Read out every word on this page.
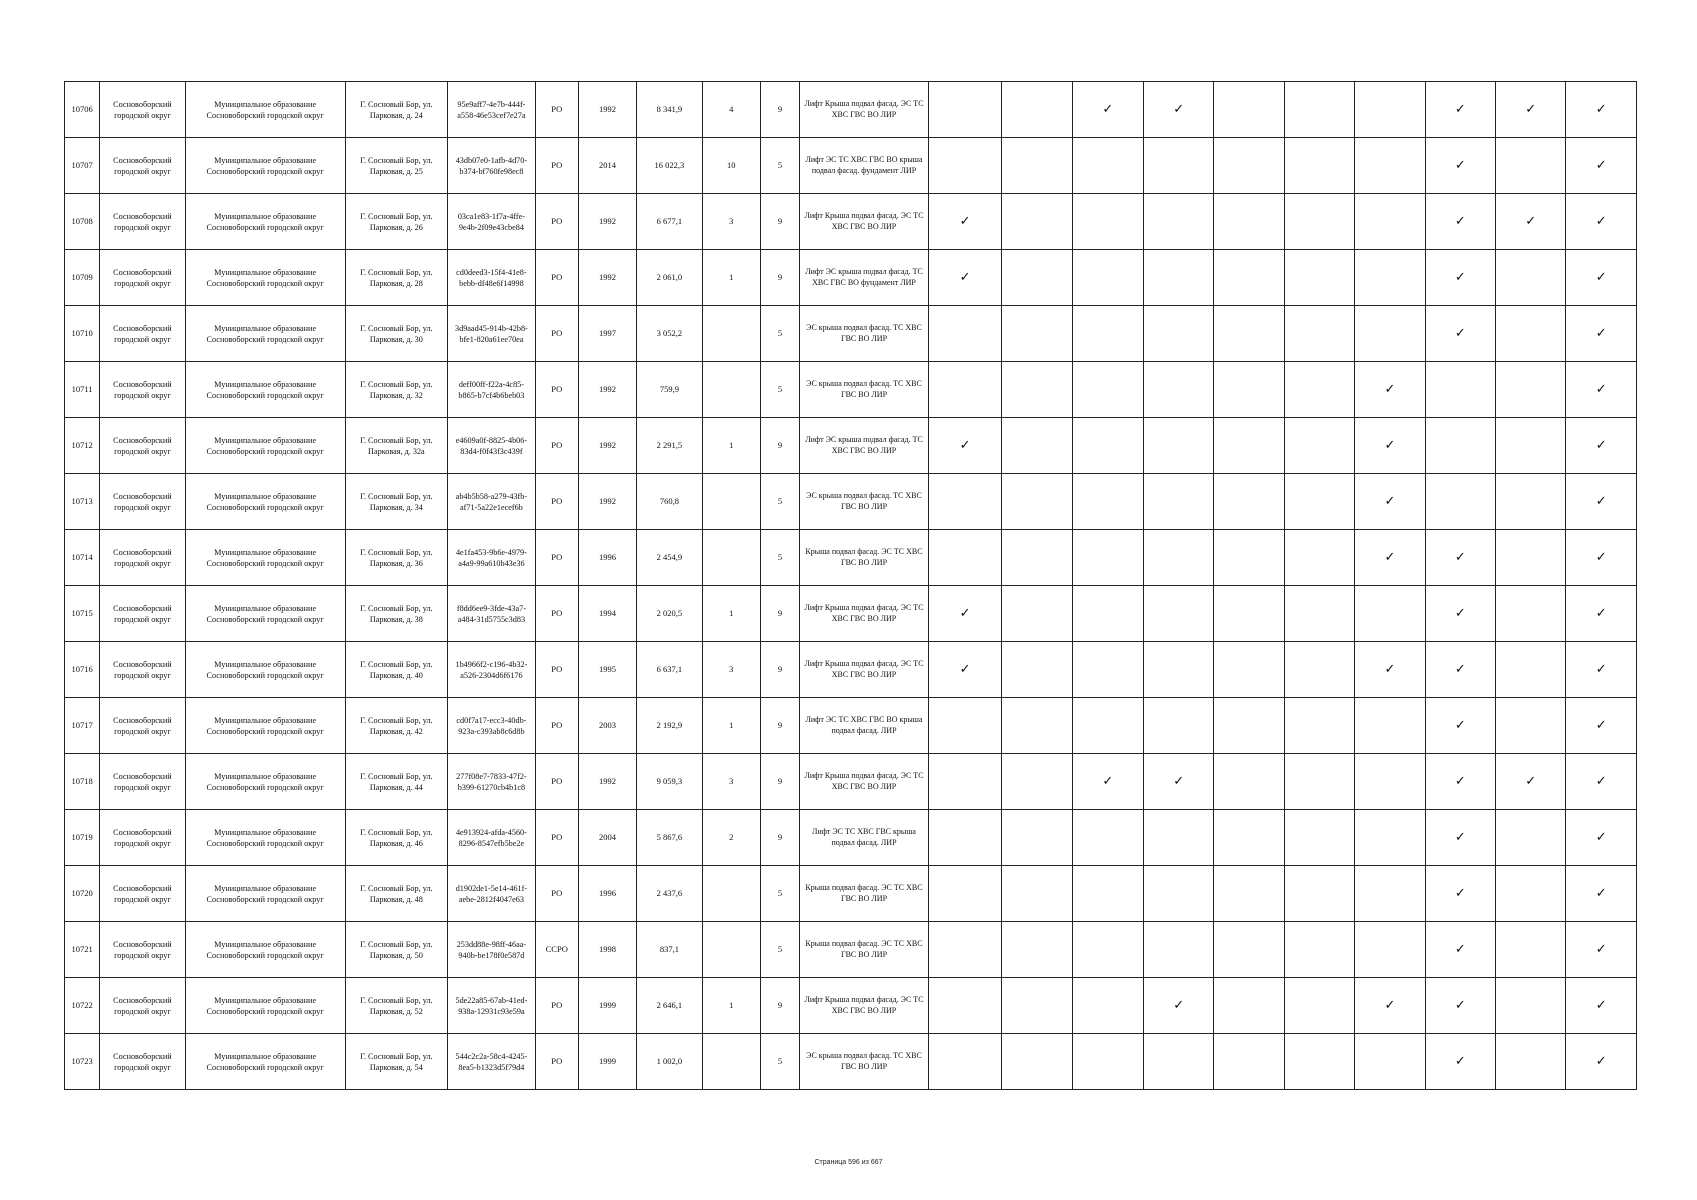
10706	Сосновоборский городской округ	Муниципальное образование Сосновоборский городской округ	Г. Сосновый Бор, ул. Парковая, д. 24	95e9aff7-4e7b-444f-a558-46e53cef7e27a	РО	1992	8 341,9	4	9	Лифт Крыша подвал фасад. ЭС ТС ХВС ГВС ВО ЛИР			✓	✓				✓	✓	✓
10707	Сосновоборский городской округ	Муниципальное образование Сосновоборский городской округ	Г. Сосновый Бор, ул. Парковая, д. 25	43db07e0-1afb-4d70-b374-bf760fe98ec8	РО	2014	16 022,3	10	5	Лифт ЭС ТС ХВС ГВС ВО крыша подвал фасад. фундамент ЛИР								✓		✓
10708	Сосновоборский городской округ	Муниципальное образование Сосновоборский городской округ	Г. Сосновый Бор, ул. Парковая, д. 26	03ca1e83-1f7a-4ffe-9e4b-2f09e43cbe84	РО	1992	6 677,1	3	9	Лифт Крыша подвал фасад. ЭС ТС ХВС ГВС ВО ЛИР	✓							✓	✓	✓
10709	Сосновоборский городской округ	Муниципальное образование Сосновоборский городской округ	Г. Сосновый Бор, ул. Парковая, д. 28	cd0deed3-15f4-41e8-bebb-df48e6f14998	РО	1992	2 061,0	1	9	Лифт ЭС крыша подвал фасад. ТС ХВС ГВС ВО фундамент ЛИР	✓							✓		✓
10710	Сосновоборский городской округ	Муниципальное образование Сосновоборский городской округ	Г. Сосновый Бор, ул. Парковая, д. 30	3d9aad45-914b-42b8-bfe1-820a61ee70ea	РО	1997	3 052,2		5	ЭС крыша подвал фасад. ТС ХВС ГВС ВО ЛИР								✓		✓
10711	Сосновоборский городской округ	Муниципальное образование Сосновоборский городской округ	Г. Сосновый Бор, ул. Парковая, д. 32	deff00ff-f22a-4c85-b865-b7cf4b6beb03	РО	1992	759,9		5	ЭС крыша подвал фасад. ТС ХВС ГВС ВО ЛИР							✓			✓
10712	Сосновоборский городской округ	Муниципальное образование Сосновоборский городской округ	Г. Сосновый Бор, ул. Парковая, д. 32а	e4609a0f-8825-4b06-83d4-f0f43f3c439f	РО	1992	2 291,5	1	9	Лифт ЭС крыша подвал фасад. ТС ХВС ГВС ВО ЛИР	✓						✓			✓
10713	Сосновоборский городской округ	Муниципальное образование Сосновоборский городской округ	Г. Сосновый Бор, ул. Парковая, д. 34	ab4b5b58-a279-43fb-af71-5a22e1ecef6b	РО	1992	760,8		5	ЭС крыша подвал фасад. ТС ХВС ГВС ВО ЛИР							✓			✓
10714	Сосновоборский городской округ	Муниципальное образование Сосновоборский городской округ	Г. Сосновый Бор, ул. Парковая, д. 36	4e1fa453-9b6e-4979-a4a9-99a610b43e36	РО	1996	2 454,9		5	Крыша подвал фасад. ЭС ТС ХВС ГВС ВО ЛИР							✓	✓		✓
10715	Сосновоборский городской округ	Муниципальное образование Сосновоборский городской округ	Г. Сосновый Бор, ул. Парковая, д. 38	f8dd6ee9-3fde-43a7-a484-31d5755c3d83	РО	1994	2 020,5	1	9	Лифт Крыша подвал фасад. ЭС ТС ХВС ГВС ВО ЛИР	✓							✓		✓
10716	Сосновоборский городской округ	Муниципальное образование Сосновоборский городской округ	Г. Сосновый Бор, ул. Парковая, д. 40	1b4966f2-c196-4b32-a526-2304d6f6176	РО	1995	6 637,1	3	9	Лифт Крыша подвал фасад. ЭС ТС ХВС ГВС ВО ЛИР	✓						✓	✓		✓
10717	Сосновоборский городской округ	Муниципальное образование Сосновоборский городской округ	Г. Сосновый Бор, ул. Парковая, д. 42	cd0f7a17-ecc3-40db-923a-c393ab8c6d8b	РО	2003	2 192,9	1	9	Лифт ЭС ТС ХВС ГВС ВО крыша подвал фасад. ЛИР								✓		✓
10718	Сосновоборский городской округ	Муниципальное образование Сосновоборский городской округ	Г. Сосновый Бор, ул. Парковая, д. 44	277f08e7-7833-47f2-b399-61270cb4b1c8	РО	1992	9 059,3	3	9	Лифт Крыша подвал фасад. ЭС ТС ХВС ГВС ВО ЛИР			✓	✓				✓	✓	✓
10719	Сосновоборский городской округ	Муниципальное образование Сосновоборский городской округ	Г. Сосновый Бор, ул. Парковая, д. 46	4e913924-afda-4560-8296-8547efb5be2e	РО	2004	5 867,6	2	9	Лифт ЭС ТС ХВС ГВС крыша подвал фасад. ЛИР								✓		✓
10720	Сосновоборский городской округ	Муниципальное образование Сосновоборский городской округ	Г. Сосновый Бор, ул. Парковая, д. 48	d1902de1-5e14-461f-aebe-2812f4047e63	РО	1996	2 437,6		5	Крыша подвал фасад. ЭС ТС ХВС ГВС ВО ЛИР								✓		✓
10721	Сосновоборский городской округ	Муниципальное образование Сосновоборский городской округ	Г. Сосновый Бор, ул. Парковая, д. 50	253dd88e-98ff-46aa-940b-be178f0e587d	ССРО	1998	837,1		5	Крыша подвал фасад. ЭС ТС ХВС ГВС ВО ЛИР								✓		✓
10722	Сосновоборский городской округ	Муниципальное образование Сосновоборский городской округ	Г. Сосновый Бор, ул. Парковая, д. 52	5de22a85-67ab-41ed-938a-12931c93e59a	РО	1999	2 646,1	1	9	Лифт Крыша подвал фасад. ЭС ТС ХВС ГВС ВО ЛИР				✓			✓	✓		✓
10723	Сосновоборский городской округ	Муниципальное образование Сосновоборский городской округ	Г. Сосновый Бор, ул. Парковая, д. 54	544c2c2a-58c4-4245-8ea5-b1323d5f79d4	РО	1999	1 002,0		5	ЭС крыша подвал фасад. ТС ХВС ГВС ВО ЛИР								✓		✓
Страница 596 из 667
